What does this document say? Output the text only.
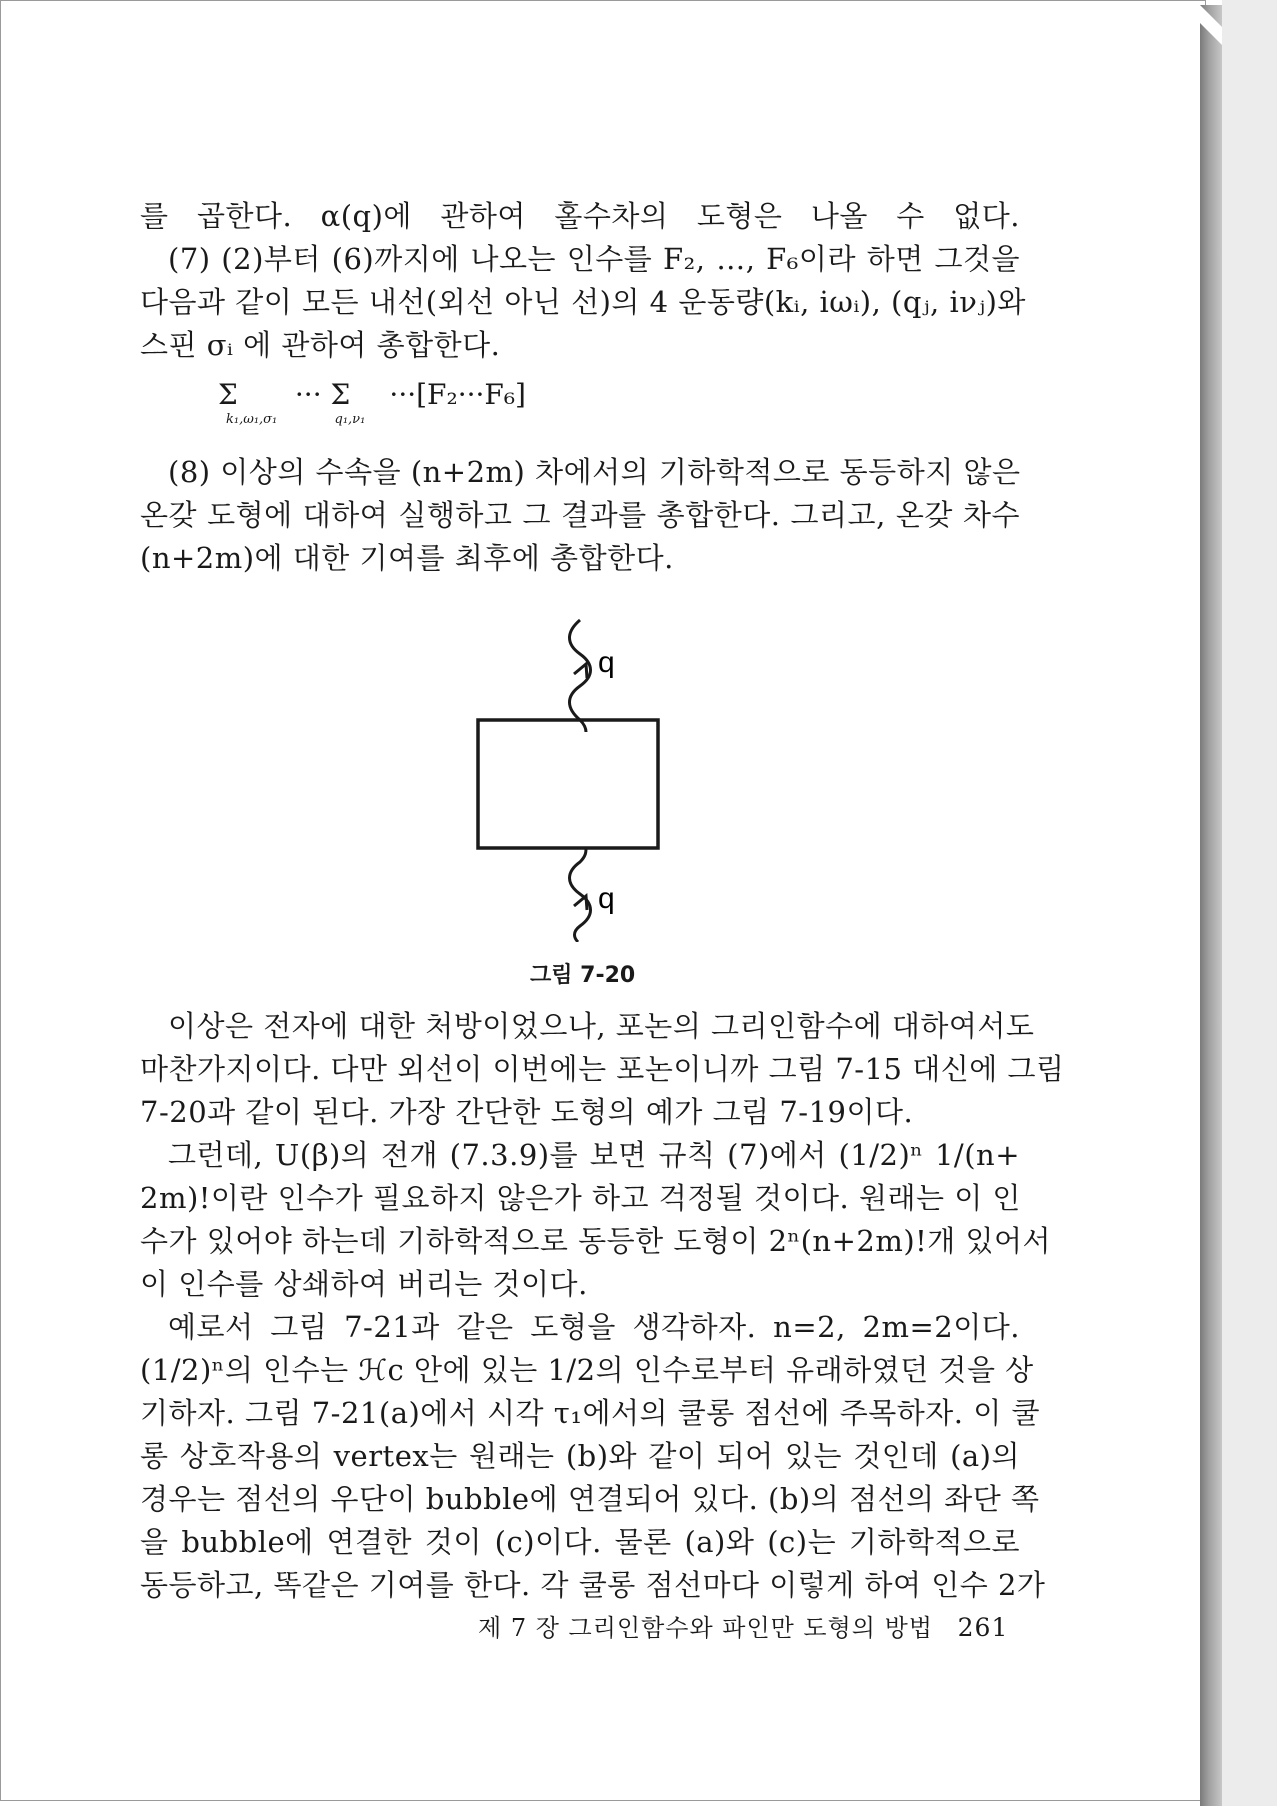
를 곱한다. α(q)에 관하여 홀수차의 도형은 나올 수 없다.
(7) (2)부터 (6)까지에 나오는 인수를 F₂, …, F₆이라 하면 그것을
다음과 같이 모든 내선(외선 아닌 선)의 4 운동량(kᵢ, iωᵢ), (qⱼ, iνⱼ)와
스핀 σᵢ 에 관하여 총합한다.
Σ
k₁,ω₁,σ₁
··· Σ
q₁,ν₁
···[F₂···F₆]
(8) 이상의 수속을 (n+2m) 차에서의 기하학적으로 동등하지 않은
온갖 도형에 대하여 실행하고 그 결과를 총합한다. 그리고, 온갖 차수
(n+2m)에 대한 기여를 최후에 총합한다.
q
q
그림 7-20
이상은 전자에 대한 처방이었으나, 포논의 그리인함수에 대하여서도
마찬가지이다. 다만 외선이 이번에는 포논이니까 그림 7-15 대신에 그림
7-20과 같이 된다. 가장 간단한 도형의 예가 그림 7-19이다.
그런데, U(β)의 전개 (7.3.9)를 보면 규칙 (7)에서 (1/2)ⁿ 1/(n+
2m)!이란 인수가 필요하지 않은가 하고 걱정될 것이다. 원래는 이 인
수가 있어야 하는데 기하학적으로 동등한 도형이 2ⁿ(n+2m)!개 있어서
이 인수를 상쇄하여 버리는 것이다.
예로서 그림 7-21과 같은 도형을 생각하자. n=2, 2m=2이다.
(1/2)ⁿ의 인수는 ℋc 안에 있는 1/2의 인수로부터 유래하였던 것을 상
기하자. 그림 7-21(a)에서 시각 τ₁에서의 쿨롱 점선에 주목하자. 이 쿨
롱 상호작용의 vertex는 원래는 (b)와 같이 되어 있는 것인데 (a)의
경우는 점선의 우단이 bubble에 연결되어 있다. (b)의 점선의 좌단 쪽
을 bubble에 연결한 것이 (c)이다. 물론 (a)와 (c)는 기하학적으로
동등하고, 똑같은 기여를 한다. 각 쿨롱 점선마다 이렇게 하여 인수 2가
제 7 장 그리인함수와 파인만 도형의 방법 261
